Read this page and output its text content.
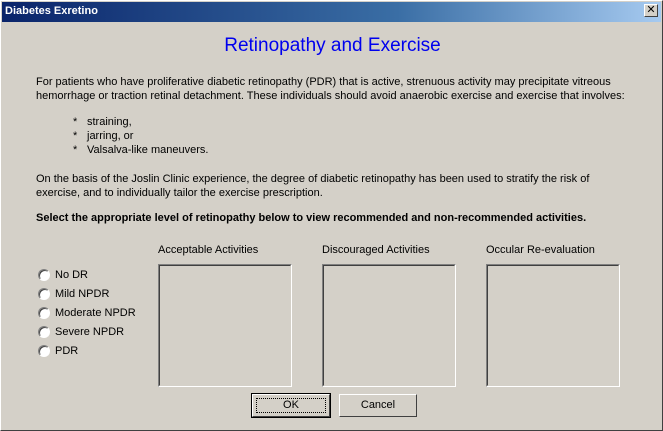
Diabetes Exretino	✕
Retinopathy and Exercise
For patients who have proliferative diabetic retinopathy (PDR) that is active, strenuous activity may precipitate vitreous hemorrhage or traction retinal detachment. These individuals should avoid anaerobic exercise and exercise that involves:
* straining,
* jarring, or
* Valsalva-like maneuvers.
On the basis of the Joslin Clinic experience, the degree of diabetic retinopathy has been used to stratify the risk of exercise, and to individually tailor the exercise prescription.
Select the appropriate level of retinopathy below to view recommended and non-recommended activities.
Acceptable Activities	Discouraged Activities	Occular Re-evaluation
No DR
Mild NPDR
Moderate NPDR
Severe NPDR
PDR
OK	Cancel
